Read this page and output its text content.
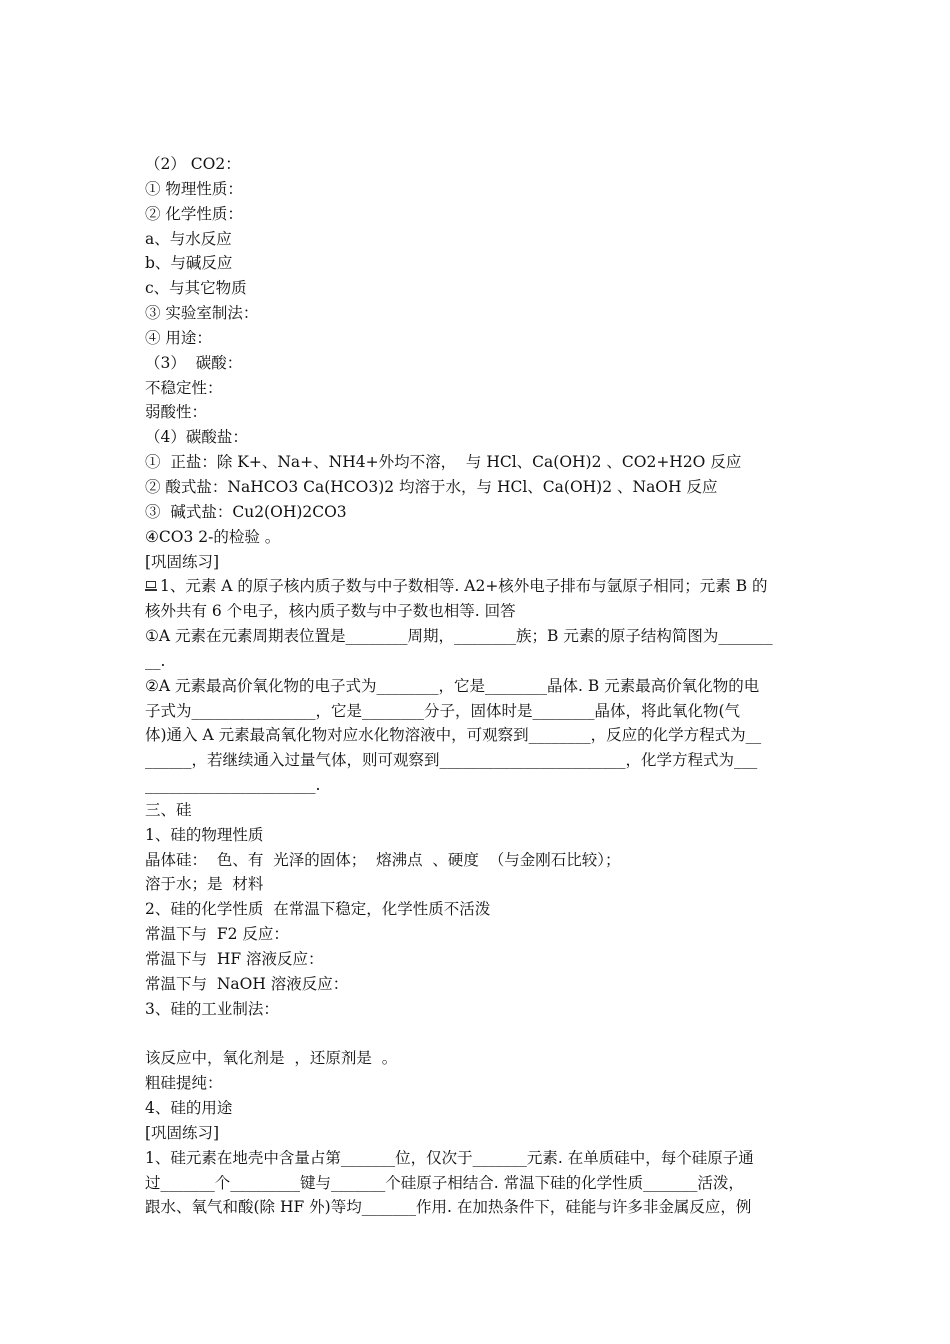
（2） CO2：
① 物理性质：
② 化学性质：
a、与水反应
b、与碱反应
c、与其它物质
③ 实验室制法：
④ 用途：
（3）  碳酸：
不稳定性：
弱酸性：
（4）碳酸盐：
①  正盐：除 K+、Na+、NH4+外均不溶，  与 HCl、Ca(OH)2 、CO2+H2O 反应
② 酸式盐：NaHCO3 Ca(HCO3)2 均溶于水，与 HCl、Ca(OH)2 、NaOH 反应
③  碱式盐：Cu2(OH)2CO3
④CO3 2-的检验 。
[巩固练习]
1、元素 A 的原子核内质子数与中子数相等. A2+核外电子排布与氩原子相同；元素 B 的
核外共有 6 个电子，核内质子数与中子数也相等. 回答
①A 元素在元素周期表位置是________周期，________族；B 元素的原子结构简图为_______
__.
②A 元素最高价氧化物的电子式为________，它是________晶体. B 元素最高价氧化物的电
子式为________________，它是________分子，固体时是________晶体，将此氧化物(气
体)通入 A 元素最高氧化物对应水化物溶液中，可观察到________，反应的化学方程式为__
______，若继续通入过量气体，则可观察到________________________，化学方程式为___
______________________.
三、硅
1、硅的物理性质
晶体硅：  色、有  光泽的固体；  熔沸点  、硬度  （与金刚石比较）；
溶于水；是  材料
2、硅的化学性质  在常温下稳定，化学性质不活泼
常温下与  F2 反应：
常温下与  HF 溶液反应：
常温下与  NaOH 溶液反应：
3、硅的工业制法：
该反应中，氧化剂是  ，还原剂是  。
粗硅提纯：
4、硅的用途
[巩固练习]
1、硅元素在地壳中含量占第_______位，仅次于_______元素. 在单质硅中，每个硅原子通
过_______个_________键与_______个硅原子相结合. 常温下硅的化学性质_______活泼，
跟水、氧气和酸(除 HF 外)等均_______作用. 在加热条件下，硅能与许多非金属反应，例
